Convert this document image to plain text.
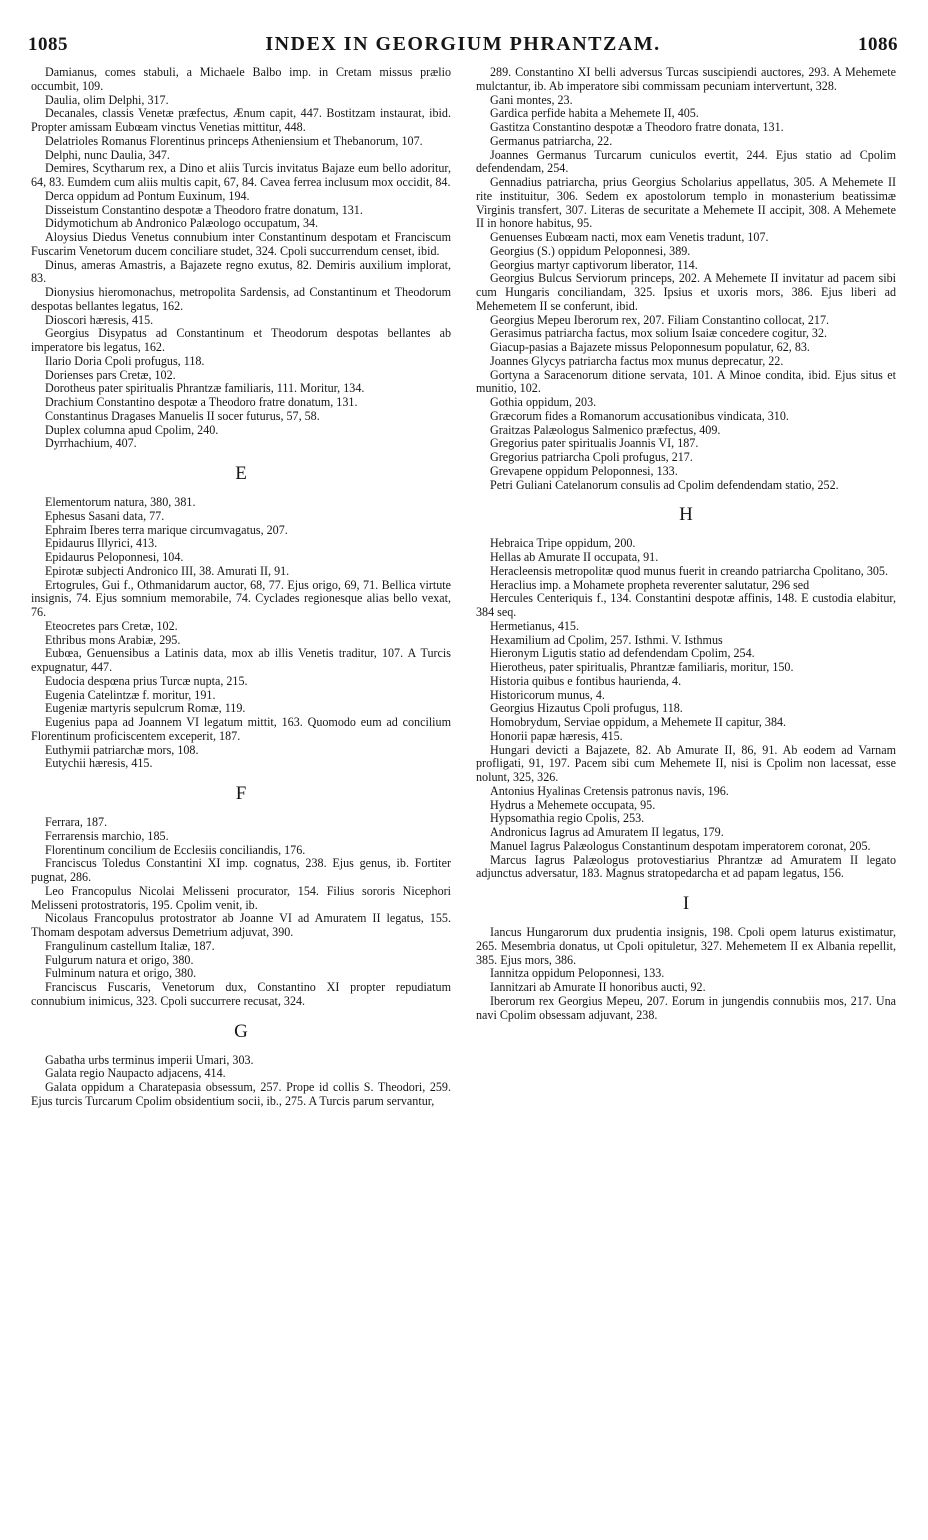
1085	INDEX IN GEORGIUM PHRANTZAM.	1086
Damianus, comes stabuli, a Michaele Balbo imp. in Cretam missus prælio occumbit, 109.
Daulia, olim Delphi, 317.
Decanales, classis Venetæ præfectus, Ænum capit, 447. Bostitzam instaurat, ibid. Propter amissam Eubœam vinctus Venetias mittitur, 448.
Delatrioles Romanus Florentinus princeps Atheniensium et Thebanorum, 107.
Delphi, nunc Daulia, 347.
Demires, Scytharum rex, a Dino et aliis Turcis invitatus Bajaze eum bello adoritur, 64, 83. Eumdem cum aliis multis capit, 67, 84. Cavea ferrea inclusum mox occidit, 84.
Derca oppidum ad Pontum Euxinum, 194.
Disseistum Constantino despotæ a Theodoro fratre donatum, 131.
Didymotichum ab Andronico Palæologo occupatum, 34.
Aloysius Diedus Venetus connubium inter Constantinum despotam et Franciscum Fuscarim Venetorum ducem conciliare studet, 324. Cpoli succurrendum censet, ibid.
Dinus, ameras Amastris, a Bajazete regno exutus, 82. Demiris auxilium implorat, 83.
Dionysius hieromonachus, metropolita Sardensis, ad Constantinum et Theodorum despotas bellantes legatus, 162.
Dioscori hæresis, 415.
Georgius Disypatus ad Constantinum et Theodorum despotas bellantes ab imperatore bis legatus, 162.
Ilario Doria Cpoli profugus, 118.
Dorienses pars Cretæ, 102.
Dorotheus pater spiritualis Phrantzæ familiaris, 111. Moritur, 134.
Drachium Constantino despotæ a Theodoro fratre donatum, 131.
Constantinus Dragases Manuelis II socer futurus, 57, 58.
Duplex columna apud Cpolim, 240.
Dyrrhachium, 407.
E
Elementorum natura, 380, 381.
Ephesus Sasani data, 77.
Ephraim Iberes terra marique circumvagatus, 207.
Epidaurus Illyrici, 413.
Epidaurus Peloponnesi, 104.
Epirotæ subjecti Andronico III, 38. Amurati II, 91.
Ertogrules, Gui f., Othmanidarum auctor, 68, 77. Ejus origo, 69, 71. Bellica virtute insignis, 74. Ejus somnium memorabile, 74. Cyclades regionesque alias bello vexat, 76.
Eteocretes pars Cretæ, 102.
Ethribus mons Arabiæ, 295.
Eubœa, Genuensibus a Latinis data, mox ab illis Venetis traditur, 107. A Turcis expugnatur, 447.
Eudocia despœna prius Turcæ nupta, 215.
Eugenia Catelintzæ f. moritur, 191.
Eugeniæ martyris sepulcrum Romæ, 119.
Eugenius papa ad Joannem VI legatum mittit, 163. Quomodo eum ad concilium Florentinum proficiscentem exceperit, 187.
Euthymii patriarchæ mors, 108.
Eutychii hæresis, 415.
F
Ferrara, 187.
Ferrarensis marchio, 185.
Florentinum concilium de Ecclesiis conciliandis, 176.
Franciscus Toledus Constantini XI imp. cognatus, 238. Ejus genus, ib. Fortiter pugnat, 286.
Leo Francopulus Nicolai Melisseni procurator, 154. Filius sororis Nicephori Melisseni protostratoris, 195. Cpolim venit, ib.
Nicolaus Francopulus protostrator ab Joanne VI ad Amuratem II legatus, 155. Thomam despotam adversus Demetrium adjuvat, 390.
Frangulinum castellum Italiæ, 187.
Fulgurum natura et origo, 380.
Fulminum natura et origo, 380.
Franciscus Fuscaris, Venetorum dux, Constantino XI propter repudiatum connubium inimicus, 323. Cpoli succurrere recusat, 324.
G
Gabatha urbs terminus imperii Umari, 303.
Galata regio Naupacto adjacens, 414.
Galata oppidum a Charatepasia obsessum, 257. Prope id collis S. Theodori, 259. Ejus turcis Turcarum Cpolim obsidentium socii, ib., 275. A Turcis parum servantur,
289. Constantino XI belli adversus Turcas suscipiendi auctores, 293. A Mehemete mulctantur, ib. Ab imperatore sibi commissam pecuniam intervertunt, 328.
Gani montes, 23.
Gardica perfide habita a Mehemete II, 405.
Gastitza Constantino despotæ a Theodoro fratre donata, 131.
Germanus patriarcha, 22.
Joannes Germanus Turcarum cuniculos evertit, 244. Ejus statio ad Cpolim defendendam, 254.
Gennadius patriarcha, prius Georgius Scholarius appellatus, 305. A Mehemete II rite instituitur, 306. Sedem ex apostolorum templo in monasterium beatissimæ Virginis transfert, 307. Literas de securitate a Mehemete II accipit, 308. A Mehemete II in honore habitus, 95.
Genuenses Eubœam nacti, mox eam Venetis tradunt, 107.
Georgius (S.) oppidum Peloponnesi, 389.
Georgius martyr captivorum liberator, 114.
Georgius Bulcus Serviorum princeps, 202. A Mehemete II invitatur ad pacem sibi cum Hungaris conciliandam, 325. Ipsius et uxoris mors, 386. Ejus liberi ad Mehemetem II se conferunt, ibid.
Georgius Mepeu Iberorum rex, 207. Filiam Constantino collocat, 217.
Gerasimus patriarcha factus, mox solium Isaiæ concedere cogitur, 32.
Giacup-pasias a Bajazete missus Peloponnesum populatur, 62, 83.
Joannes Glycys patriarcha factus mox munus deprecatur, 22.
Gortyna a Saracenorum ditione servata, 101. A Minoe condita, ibid. Ejus situs et munitio, 102.
Gothia oppidum, 203.
Græcorum fides a Romanorum accusationibus vindicata, 310.
Graitzas Palæologus Salmenico præfectus, 409.
Gregorius pater spiritualis Joannis VI, 187.
Gregorius patriarcha Cpoli profugus, 217.
Grevapene oppidum Peloponnesi, 133.
Petri Guliani Catelanorum consulis ad Cpolim defendendam statio, 252.
H
Hebraica Tripe oppidum, 200.
Hellas ab Amurate II occupata, 91.
Heracleensis metropolitæ quod munus fuerit in creando patriarcha Cpolitano, 305.
Heraclius imp. a Mohamete propheta reverenter salutatur, 296 sed
Hercules Centeriquis f., 134. Constantini despotæ affinis, 148. E custodia elabitur, 384 seq.
Hermetianus, 415.
Hexamilium ad Cpolim, 257. Isthmi. V. Isthmus
Hieronym Ligutis statio ad defendendam Cpolim, 254.
Hierotheus, pater spiritualis, Phrantzæ familiaris, moritur, 150.
Historia quibus e fontibus haurienda, 4.
Historicorum munus, 4.
Georgius Hizautus Cpoli profugus, 118.
Homobrydum, Serviae oppidum, a Mehemete II capitur, 384.
Honorii papæ hæresis, 415.
Hungari devicti a Bajazete, 82. Ab Amurate II, 86, 91. Ab eodem ad Varnam profligati, 91, 197. Pacem sibi cum Mehemete II, nisi is Cpolim non lacessat, esse nolunt, 325, 326.
Antonius Hyalinas Cretensis patronus navis, 196.
Hydrus a Mehemete occupata, 95.
Hypsomathia regio Cpolis, 253.
Andronicus Iagrus ad Amuratem II legatus, 179.
Manuel Iagrus Palæologus Constantinum despotam imperatorem coronat, 205.
Marcus Iagrus Palæologus protovestiarius Phrantzæ ad Amuratem II legato adjunctus adversatur, 183. Magnus stratopedarcha et ad papam legatus, 156.
I
Iancus Hungarorum dux prudentia insignis, 198. Cpoli opem laturus existimatur, 265. Mesembria donatus, ut Cpoli opituletur, 327. Mehemetem II ex Albania repellit, 385. Ejus mors, 386.
Iannitza oppidum Peloponnesi, 133.
Iannitzari ab Amurate II honoribus aucti, 92.
Iberorum rex Georgius Mepeu, 207. Eorum in jungendis connubiis mos, 217. Una navi Cpolim obsessam adjuvant, 238.
